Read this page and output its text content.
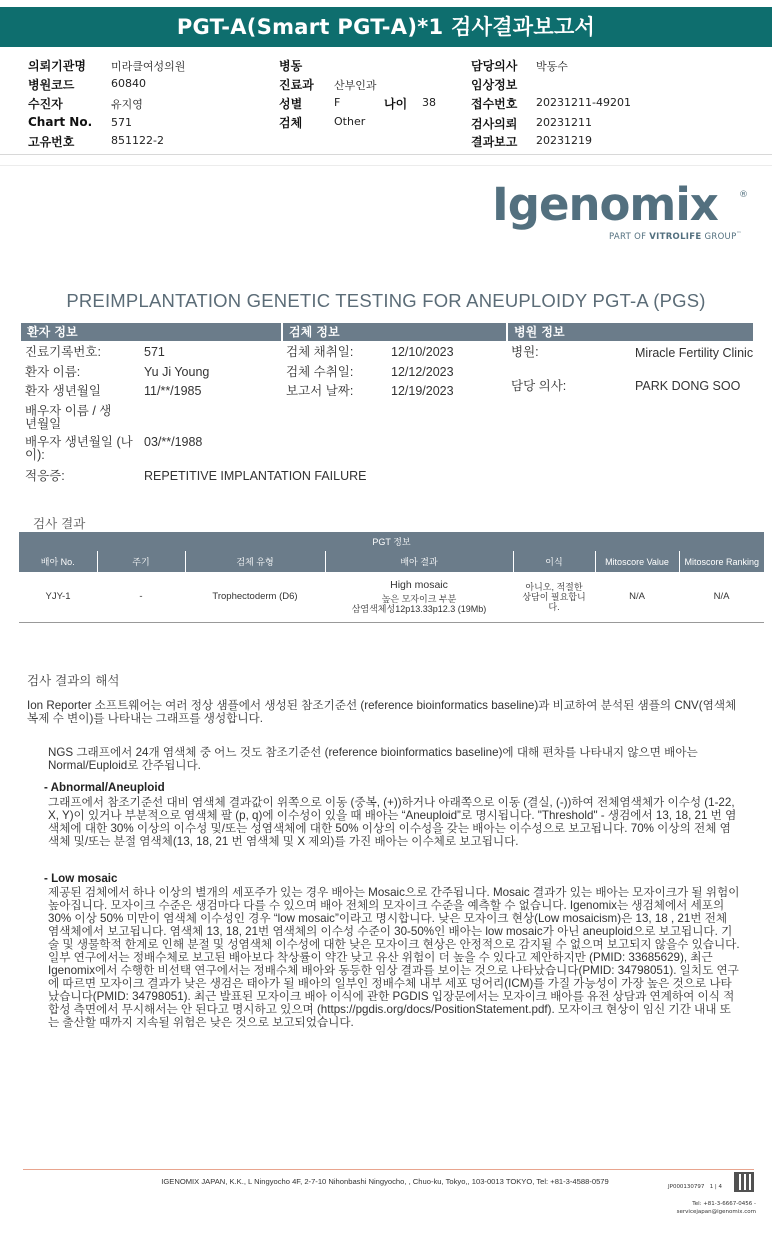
PGT-A(Smart PGT-A)*1 검사결과보고서
의뢰기관명 미라클여성의원
병원코드	60840
수진자	유지영
Chart No. 571
고유번호	851122-2
병동
진료과 산부인과
성별	F	나이 38
검체	Other
담당의사 박동수
임상정보
접수번호 20231211-49201
검사의뢰 20231211
결과보고 20231219
Igenomix ®
PART OF VITROLIFE GROUP™
PREIMPLANTATION GENETIC TESTING FOR ANEUPLOIDY PGT-A (PGS)
환자 정보	검체 정보	병원 정보
진료기록번호:	571
환자 이름:	Yu Ji Young
환자 생년월일	11/**/1985
배우자 이름 / 생년월일
배우자 생년월일 (나이):
03/**/1988
적응증:	REPETITIVE IMPLANTATION FAILURE
검체 채취일:	12/10/2023
검체 수취일:	12/12/2023
보고서 날짜:	12/19/2023
병원:	Miracle Fertility Clinic
담당 의사:	PARK DONG SOO
검사 결과
PGT 정보						
배아 No.	주기	검체 유형	배아 결과	이식	Mitoscore Value	Mitoscore Ranking
YJY-1	-	Trophectoderm (D6)	High mosaic
높은 모자이크 부분
삼염색체성12p13.33p12.3 (19Mb)	아니오, 적절한 상담이 필요합니다.	N/A	N/A
검사 결과의 해석
Ion Reporter 소프트웨어는 여러 정상 샘플에서 생성된 참조기준선 (reference bioinformatics baseline)과 비교하여 분석된 샘플의 CNV(염색체 복제 수 변이)를 나타내는 그래프를 생성합니다.
NGS 그래프에서 24개 염색체 중 어느 것도 참조기준선 (reference bioinformatics baseline)에 대해 편차를 나타내지 않으면 배아는 Normal/Euploid로 간주됩니다.
- Abnormal/Aneuploid
그래프에서 참조기준선 대비 염색체 결과값이 위쪽으로 이동 (중복, (+))하거나 아래쪽으로 이동 (결실, (-))하여 전체염색체가 이수성 (1-22, X, Y)이 있거나 부분적으로 염색체 팔 (p, q)에 이수성이 있을 때 배아는 “Aneuploid”로 명시됩니다. "Threshold" - 생검에서 13, 18, 21 번 염색체에 대한 30% 이상의 이수성 및/또는 성염색체에 대한 50% 이상의 이수성을 갖는 배아는 이수성으로 보고됩니다. 70% 이상의 전체 염색체 및/또는 분절 염색체(13, 18, 21 번 염색체 및 X 제외)를 가진 배아는 이수체로 보고됩니다.
- Low mosaic
제공된 검체에서 하나 이상의 별개의 세포주가 있는 경우 배아는 Mosaic으로 간주됩니다. Mosaic 결과가 있는 배아는 모자이크가 될 위험이 높아집니다. 모자이크 수준은 생검마다 다를 수 있으며 배아 전체의 모자이크 수준을 예측할 수 없습니다. Igenomix는 생검체에서 세포의 30% 이상 50% 미만이 염색체 이수성인 경우 “low mosaic”이라고 명시합니다. 낮은 모자이크 현상(Low mosaicism)은 13, 18 , 21번 전체 염색체에서 보고됩니다. 염색체 13, 18, 21번 염색체의 이수성 수준이 30-50%인 배아는 low mosaic가 아닌 aneuploid으로 보고됩니다. 기술 및 생물학적 한계로 인해 분절 및 성염색체 이수성에 대한 낮은 모자이크 현상은 안정적으로 감지될 수 없으며 보고되지 않을수 있습니다. 일부 연구에서는 정배수체로 보고된 배아보다 착상률이 약간 낮고 유산 위험이 더 높을 수 있다고 제안하지만 (PMID: 33685629), 최근 Igenomix에서 수행한 비선택 연구에서는 정배수체 배아와 동등한 임상 결과를 보이는 것으로 나타났습니다(PMID: 34798051). 일치도 연구에 따르면 모자이크 결과가 낮은 생검은 태아가 될 배아의 일부인 정배수체 내부 세포 덩어리(ICM)를 가질 가능성이 가장 높은 것으로 나타났습니다(PMID: 34798051). 최근 발표된 모자이크 배아 이식에 관한 PGDIS 입장문에서는 모자이크 배아를 유전 상담과 연계하여 이식 적합성 측면에서 무시해서는 안 된다고 명시하고 있으며 (https://pgdis.org/docs/PositionStatement.pdf). 모자이크 현상이 임신 기간 내내 또는 출산할 때까지 지속될 위험은 낮은 것으로 보고되었습니다.
IGENOMIX JAPAN, K.K., L Ningyocho 4F, 2-7-10 Nihonbashi Ningyocho, , Chuo-ku, Tokyo,, 103-0013 TOKYO, Tel: +81-3-4588-0579
JP000130797 1 | 4
Tel: +81-3-6667-0456 -
servicejapan@igenomix.com
